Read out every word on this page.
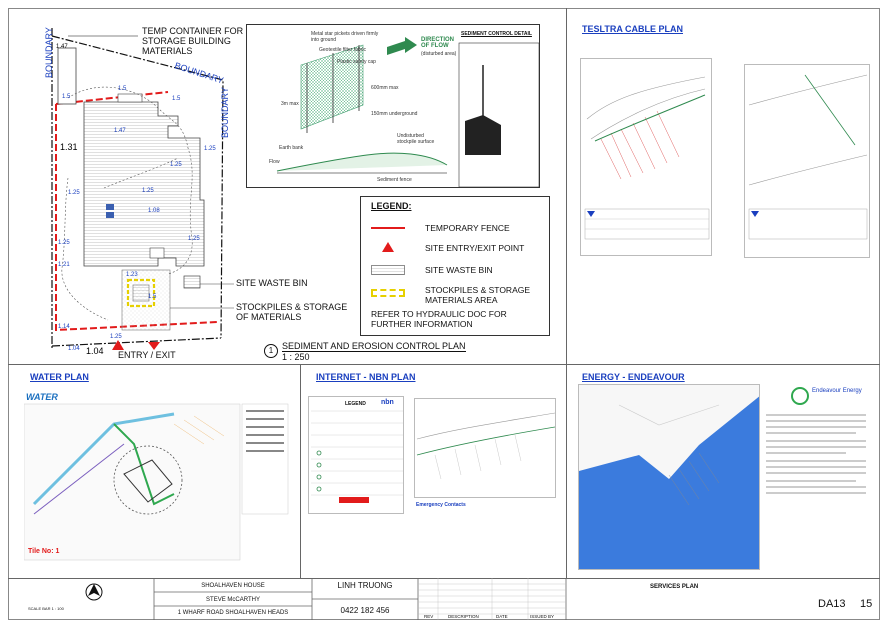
1.47
1.5
1.5
1.31
1.47
1.25
1.25
1.25
1.08
1.25
1.25
1.21
1.23
1.5
1.14
1.04 1.04
1.25
1.5
1.25
BOUNDARY	BOUNDARY
BOUNDARY
TEMP CONTAINER FOR STORAGE BUILDING MATERIALS
SITE WASTE BIN
STOCKPILES & STORAGE OF MATERIALS
ENTRY / EXIT	1 SEDIMENT AND EROSION CONTROL PLAN
1 : 250
Metal star pickets driven firmly into ground
Geotextile filter fabric
Plastic safety cap
600mm max
150mm underground
3m max
DIRECTION OF FLOW
(disturbed area)
SEDIMENT CONTROL DETAIL
Earth bank
Flow
Undisturbed stockpile surface
Sediment fence
LEGEND:
TEMPORARY FENCE
SITE ENTRY/EXIT POINT
SITE WASTE BIN
STOCKPILES & STORAGE MATERIALS AREA
REFER TO HYDRAULIC DOC FOR FURTHER INFORMATION
TESLTRA CABLE PLAN
WATER PLAN
WATER
Tile No: 1
INTERNET - NBN PLAN
LEGEND nbn
Emergency Contacts
ENERGY - ENDEAVOUR
Endeavour Energy
SCALE BAR 1 : 100
SHOALHAVEN HOUSE
STEVE McCARTHY
1 WHARF ROAD SHOALHAVEN HEADS
LINH TRUONG
0422 182 456
REV	DESCRIPTION	DATE	ISSUED BY
SERVICES PLAN
DA13 15
